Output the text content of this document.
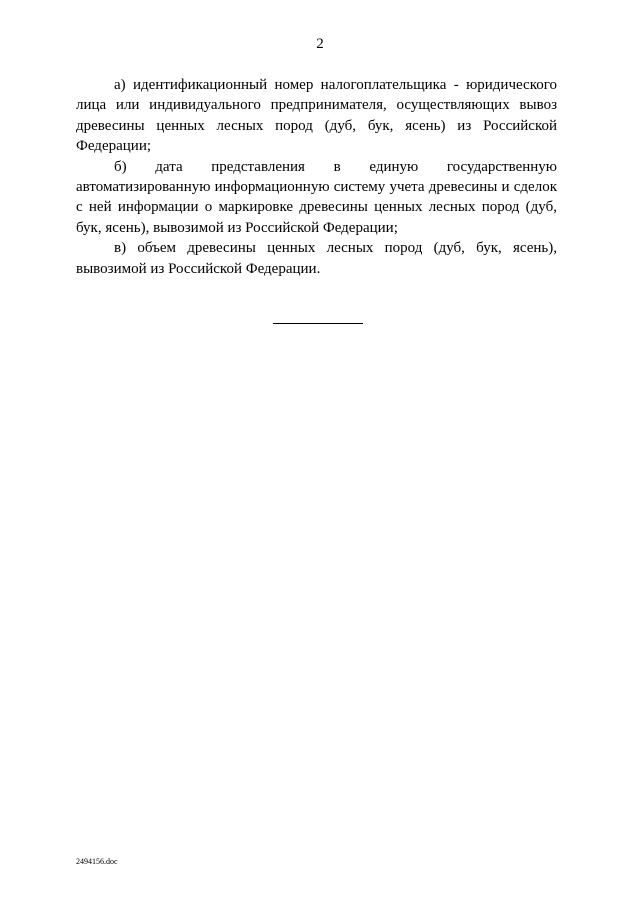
2

а) идентификационный номер налогоплательщика - юридического лица или индивидуального предпринимателя, осуществляющих вывоз древесины ценных лесных пород (дуб, бук, ясень) из Российской Федерации;

б) дата представления в единую государственную автоматизированную информационную систему учета древесины и сделок с ней информации о маркировке древесины ценных лесных пород (дуб, бук, ясень), вывозимой из Российской Федерации;

в) объем древесины ценных лесных пород (дуб, бук, ясень), вывозимой из Российской Федерации.

2494156.doc
